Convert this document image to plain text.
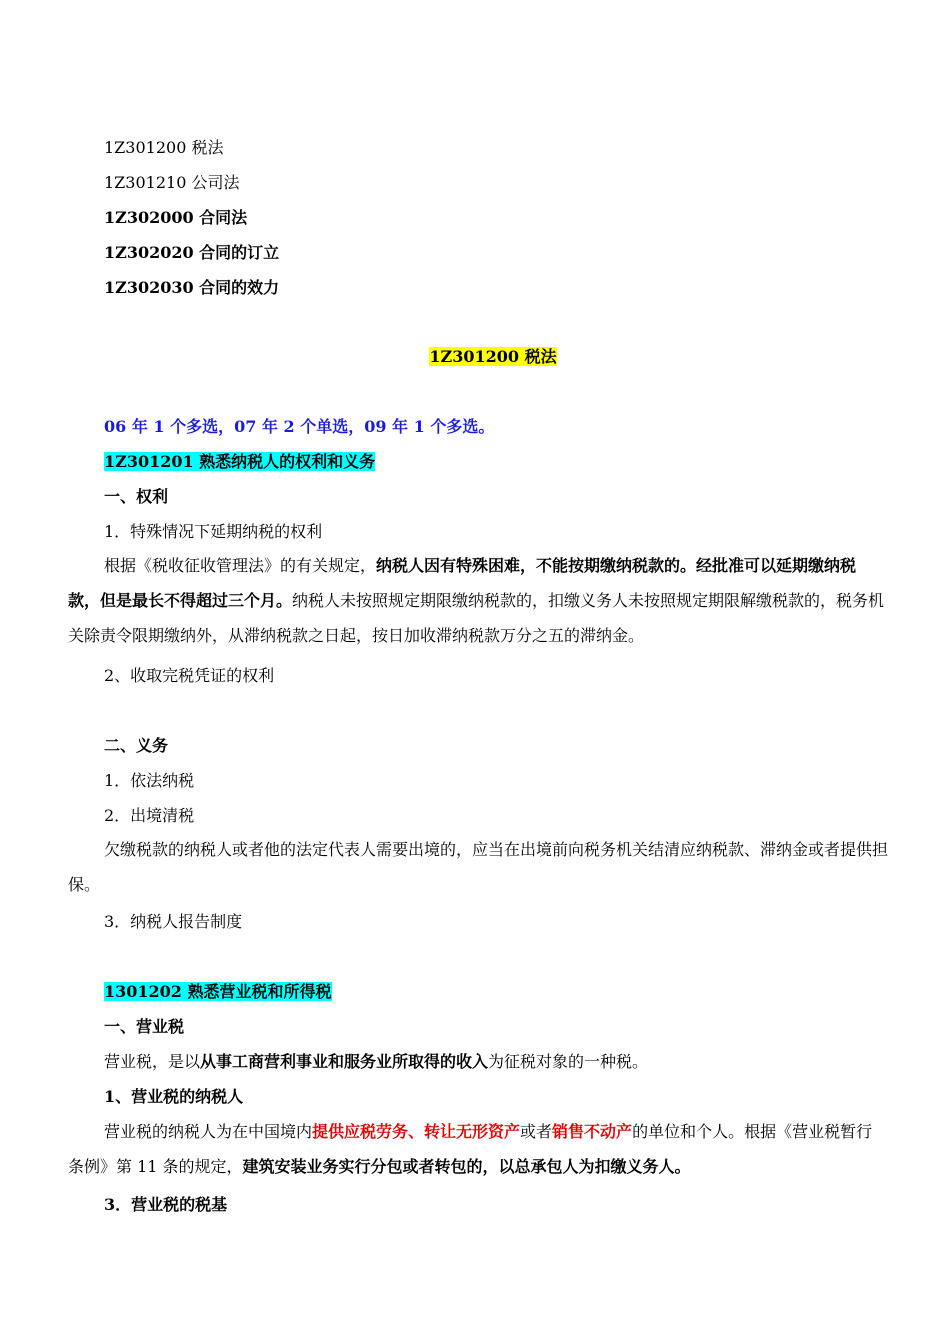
1Z301200 税法
1Z301210 公司法
1Z302000 合同法
1Z302020 合同的订立
1Z302030 合同的效力
1Z301200 税法
06 年 1 个多选，07 年 2 个单选，09 年 1 个多选。
1Z301201 熟悉纳税人的权利和义务
一、权利
1．特殊情况下延期纳税的权利
根据《税收征收管理法》的有关规定，纳税人因有特殊困难，不能按期缴纳税款的。经批准可以延期缴纳税款，但是最长不得超过三个月。纳税人未按照规定期限缴纳税款的，扣缴义务人未按照规定期限解缴税款的，税务机关除责令限期缴纳外，从滞纳税款之日起，按日加收滞纳税款万分之五的滞纳金。
2、收取完税凭证的权利
二、义务
1．依法纳税
2．出境清税
欠缴税款的纳税人或者他的法定代表人需要出境的，应当在出境前向税务机关结清应纳税款、滞纳金或者提供担保。
3．纳税人报告制度
1301202 熟悉营业税和所得税
一、营业税
营业税，是以从事工商营利事业和服务业所取得的收入为征税对象的一种税。
1、营业税的纳税人
营业税的纳税人为在中国境内提供应税劳务、转让无形资产或者销售不动产的单位和个人。根据《营业税暂行条例》第 11 条的规定，建筑安装业务实行分包或者转包的，以总承包人为扣缴义务人。
3．营业税的税基
